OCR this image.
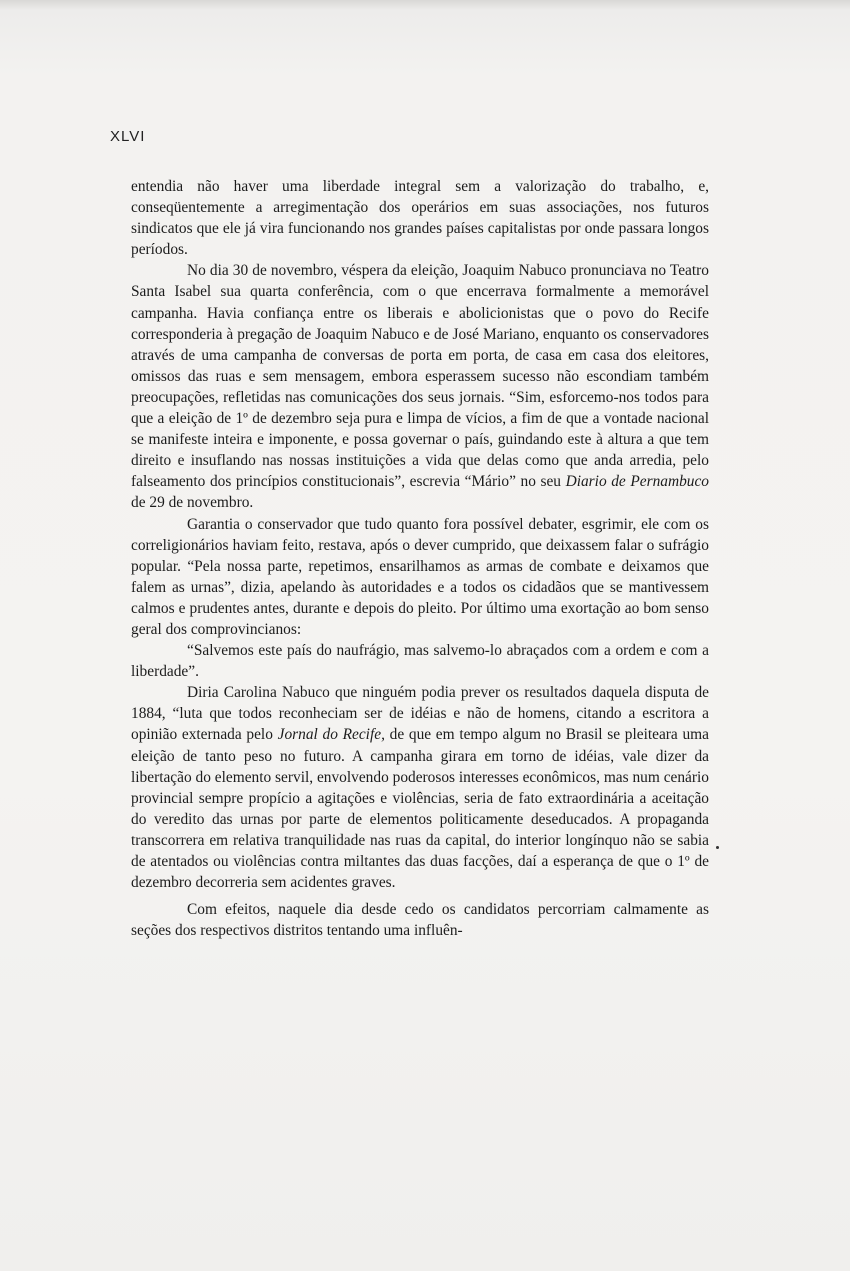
XLVI

entendia não haver uma liberdade integral sem a valorização do trabalho, e, conseqüentemente a arregimentação dos operários em suas associações, nos futuros sindicatos que ele já vira funcionando nos grandes países capitalistas por onde passara longos períodos.

No dia 30 de novembro, véspera da eleição, Joaquim Nabuco pronunciava no Teatro Santa Isabel sua quarta conferência, com o que encerrava formalmente a memorável campanha. Havia confiança entre os liberais e abolicionistas que o povo do Recife corresponderia à pregação de Joaquim Nabuco e de José Mariano, enquanto os conservadores através de uma campanha de conversas de porta em porta, de casa em casa dos eleitores, omissos das ruas e sem mensagem, embora esperassem sucesso não escondiam também preocupações, refletidas nas comunicações dos seus jornais. “Sim, esforcemo-nos todos para que a eleição de 1º de dezembro seja pura e limpa de vícios, a fim de que a vontade nacional se manifeste inteira e imponente, e possa governar o país, guindando este à altura a que tem direito e insuflando nas nossas instituições a vida que delas como que anda arredia, pelo falseamento dos princípios constitucionais”, escrevia “Mário” no seu Diario de Pernambuco de 29 de novembro.

Garantia o conservador que tudo quanto fora possível debater, esgrimir, ele com os correligionários haviam feito, restava, após o dever cumprido, que deixassem falar o sufrágio popular. “Pela nossa parte, repetimos, ensarilhamos as armas de combate e deixamos que falem as urnas”, dizia, apelando às autoridades e a todos os cidadãos que se mantivessem calmos e prudentes antes, durante e depois do pleito. Por último uma exortação ao bom senso geral dos comprovincianos:

“Salvemos este país do naufrágio, mas salvemo-lo abraçados com a ordem e com a liberdade”.

Diria Carolina Nabuco que ninguém podia prever os resultados daquela disputa de 1884, “luta que todos reconheciam ser de idéias e não de homens, citando a escritora a opinião externada pelo Jornal do Recife, de que em tempo algum no Brasil se pleiteara uma eleição de tanto peso no futuro. A campanha girara em torno de idéias, vale dizer da libertação do elemento servil, envolvendo poderosos interesses econômicos, mas num cenário provincial sempre propício a agitações e violências, seria de fato extraordinária a aceitação do veredito das urnas por parte de elementos politicamente deseducados. A propaganda transcorrera em relativa tranquilidade nas ruas da capital, do interior longínquo não se sabia de atentados ou violências contra miltantes das duas facções, daí a esperança de que o 1º de dezembro decorreria sem acidentes graves.

Com efeitos, naquele dia desde cedo os candidatos percorriam calmamente as seções dos respectivos distritos tentando uma influên-
